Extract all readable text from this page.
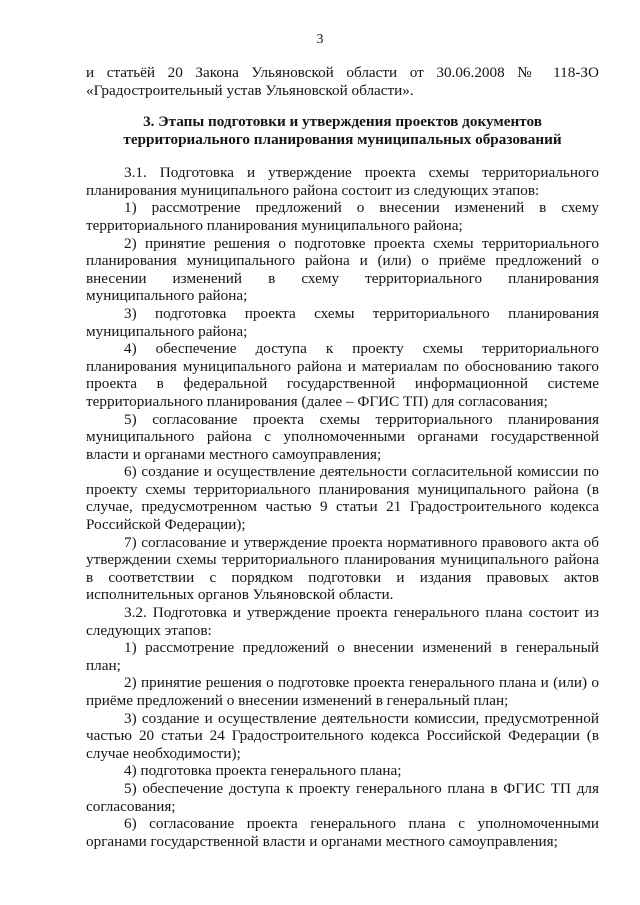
3

и статьёй 20 Закона Ульяновской области от 30.06.2008 № 118-ЗО «Градостроительный устав Ульяновской области».

3. Этапы подготовки и утверждения проектов документов территориального планирования муниципальных образований

3.1. Подготовка и утверждение проекта схемы территориального планирования муниципального района состоит из следующих этапов:

1) рассмотрение предложений о внесении изменений в схему территориального планирования муниципального района;

2) принятие решения о подготовке проекта схемы территориального планирования муниципального района и (или) о приёме предложений о внесении изменений в схему территориального планирования муниципального района;

3) подготовка проекта схемы территориального планирования муниципального района;

4) обеспечение доступа к проекту схемы территориального планирования муниципального района и материалам по обоснованию такого проекта в федеральной государственной информационной системе территориального планирования (далее – ФГИС ТП) для согласования;

5) согласование проекта схемы территориального планирования муниципального района с уполномоченными органами государственной власти и органами местного самоуправления;

6) создание и осуществление деятельности согласительной комиссии по проекту схемы территориального планирования муниципального района (в случае, предусмотренном частью 9 статьи 21 Градостроительного кодекса Российской Федерации);

7) согласование и утверждение проекта нормативного правового акта об утверждении схемы территориального планирования муниципального района в соответствии с порядком подготовки и издания правовых актов исполнительных органов Ульяновской области.

3.2. Подготовка и утверждение проекта генерального плана состоит из следующих этапов:

1) рассмотрение предложений о внесении изменений в генеральный план;

2) принятие решения о подготовке проекта генерального плана и (или) о приёме предложений о внесении изменений в генеральный план;

3) создание и осуществление деятельности комиссии, предусмотренной частью 20 статьи 24 Градостроительного кодекса Российской Федерации (в случае необходимости);

4) подготовка проекта генерального плана;

5) обеспечение доступа к проекту генерального плана в ФГИС ТП для согласования;

6) согласование проекта генерального плана с уполномоченными органами государственной власти и органами местного самоуправления;
